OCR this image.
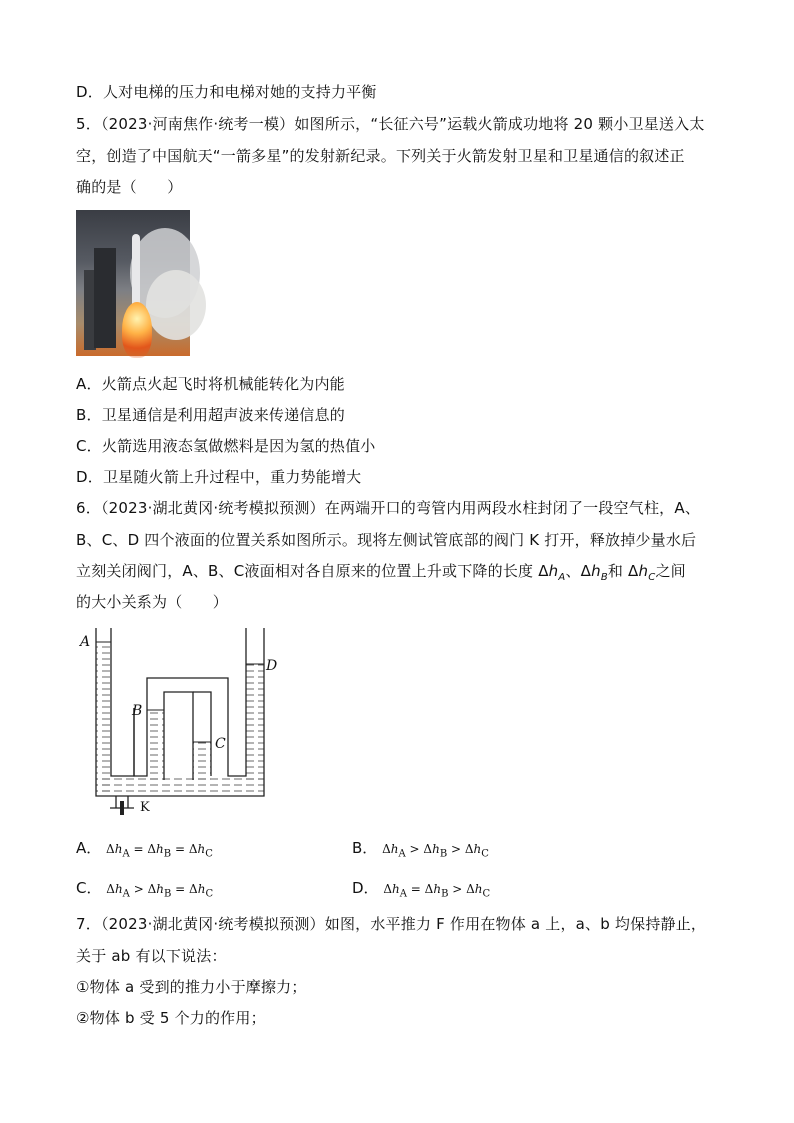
D．人对电梯的压力和电梯对她的支持力平衡
5．（2023·河南焦作·统考一模）如图所示，“长征六号”运载火箭成功地将 20 颗小卫星送入太
空，创造了中国航天“一箭多星”的发射新纪录。下列关于火箭发射卫星和卫星通信的叙述正
确的是（　　）
A．火箭点火起飞时将机械能转化为内能
B．卫星通信是利用超声波来传递信息的
C．火箭选用液态氢做燃料是因为氢的热值小
D．卫星随火箭上升过程中，重力势能增大
6．（2023·湖北黄冈·统考模拟预测）在两端开口的弯管内用两段水柱封闭了一段空气柱，A、
B、C、D 四个液面的位置关系如图所示。现将左侧试管底部的阀门 K 打开，释放掉少量水后
立刻关闭阀门，A、B、C液面相对各自原来的位置上升或下降的长度 $\Delta h_A$、$\Delta h_B$和 $\Delta h_C$之间
的大小关系为（　　）
A
B
C
D
K
A． $\Delta h_A = \Delta h_B = \Delta h_C$	B． $\Delta h_A > \Delta h_B > \Delta h_C$
C． $\Delta h_A > \Delta h_B = \Delta h_C$	D． $\Delta h_A = \Delta h_B > \Delta h_C$
7．（2023·湖北黄冈·统考模拟预测）如图，水平推力 F 作用在物体 a 上，a、b 均保持静止，
关于 ab 有以下说法：
①物体 a 受到的推力小于摩擦力；
②物体 b 受 5 个力的作用；
